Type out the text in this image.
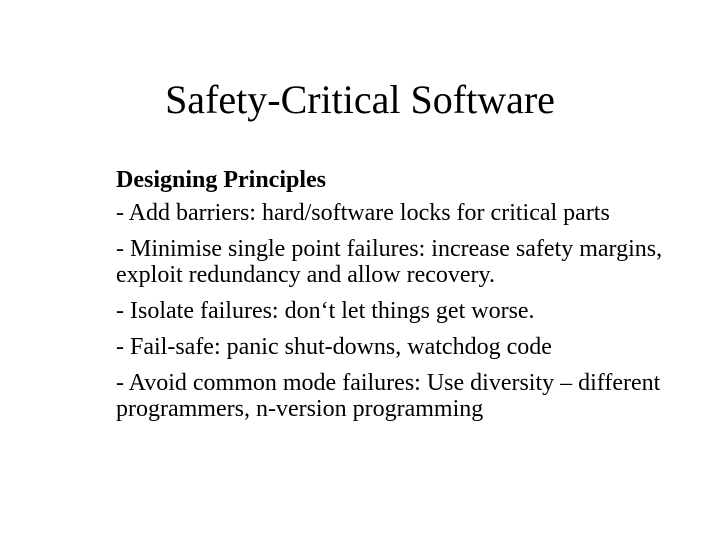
Safety-Critical Software
Designing Principles
- Add barriers: hard/software locks for critical parts
- Minimise single point failures: increase safety margins, exploit redundancy and allow recovery.
- Isolate failures: don‘t let things get worse.
- Fail-safe: panic shut-downs, watchdog code
- Avoid common mode failures: Use diversity – different programmers, n-version programming
